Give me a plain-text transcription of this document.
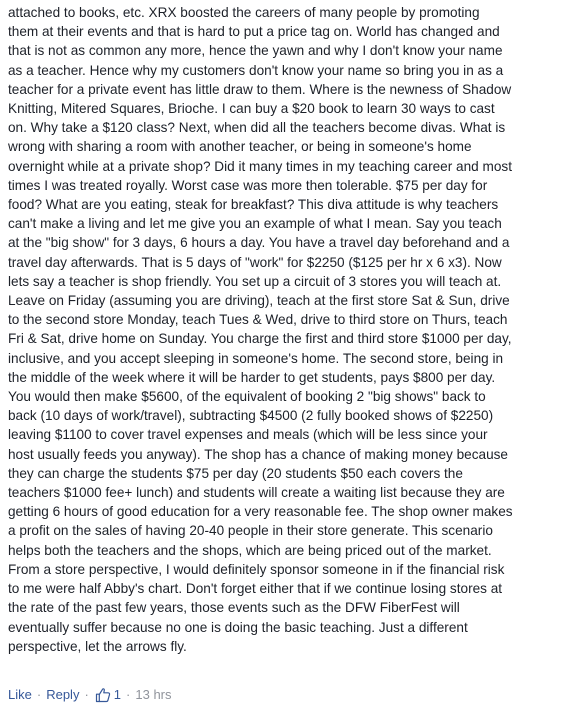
attached to books, etc. XRX boosted the careers of many people by promoting
them at their events and that is hard to put a price tag on. World has changed and
that is not as common any more, hence the yawn and why I don't know your name
as a teacher. Hence why my customers don't know your name so bring you in as a
teacher for a private event has little draw to them. Where is the newness of Shadow
Knitting, Mitered Squares, Brioche. I can buy a $20 book to learn 30 ways to cast
on. Why take a $120 class? Next, when did all the teachers become divas. What is
wrong with sharing a room with another teacher, or being in someone's home
overnight while at a private shop? Did it many times in my teaching career and most
times I was treated royally. Worst case was more then tolerable. $75 per day for
food? What are you eating, steak for breakfast? This diva attitude is why teachers
can't make a living and let me give you an example of what I mean. Say you teach
at the "big show" for 3 days, 6 hours a day. You have a travel day beforehand and a
travel day afterwards. That is 5 days of "work" for $2250 ($125 per hr x 6 x3). Now
lets say a teacher is shop friendly. You set up a circuit of 3 stores you will teach at.
Leave on Friday (assuming you are driving), teach at the first store Sat & Sun, drive
to the second store Monday, teach Tues & Wed, drive to third store on Thurs, teach
Fri & Sat, drive home on Sunday. You charge the first and third store $1000 per day,
inclusive, and you accept sleeping in someone's home. The second store, being in
the middle of the week where it will be harder to get students, pays $800 per day.
You would then make $5600, of the equivalent of booking 2 "big shows" back to
back (10 days of work/travel), subtracting $4500 (2 fully booked shows of $2250)
leaving $1100 to cover travel expenses and meals (which will be less since your
host usually feeds you anyway). The shop has a chance of making money because
they can charge the students $75 per day (20 students $50 each covers the
teachers $1000 fee+ lunch) and students will create a waiting list because they are
getting 6 hours of good education for a very reasonable fee. The shop owner makes
a profit on the sales of having 20-40 people in their store generate. This scenario
helps both the teachers and the shops, which are being priced out of the market.
From a store perspective, I would definitely sponsor someone in if the financial risk
to me were half Abby's chart. Don't forget either that if we continue losing stores at
the rate of the past few years, those events such as the DFW FiberFest will
eventually suffer because no one is doing the basic teaching. Just a different
perspective, let the arrows fly.
Like · Reply · 1 · 13 hrs
